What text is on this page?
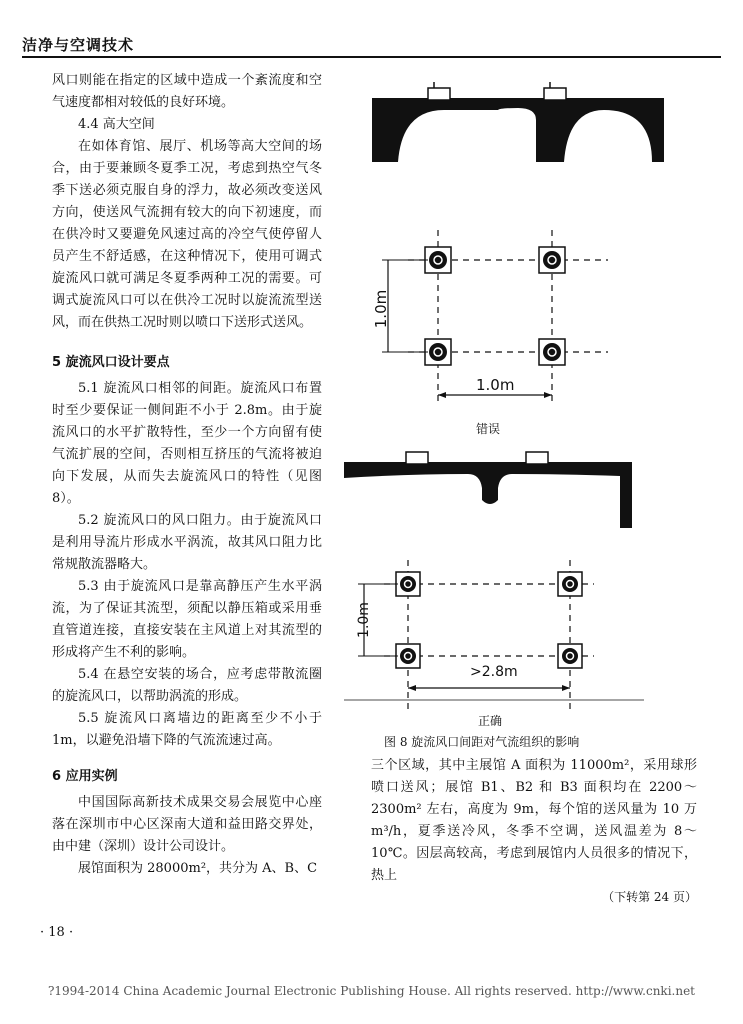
洁净与空调技术

风口则能在指定的区域中造成一个紊流度和空气速度都相对较低的良好环境。

4.4 高大空间

在如体育馆、展厅、机场等高大空间的场合，由于要兼顾冬夏季工况，考虑到热空气冬季下送必须克服自身的浮力，故必须改变送风方向，使送风气流拥有较大的向下初速度，而在供冷时又要避免风速过高的冷空气使停留人员产生不舒适感，在这种情况下，使用可调式旋流风口就可满足冬夏季两种工况的需要。可调式旋流风口可以在供冷工况时以旋流流型送风，而在供热工况时则以喷口下送形式送风。

5 旋流风口设计要点

5.1 旋流风口相邻的间距。旋流风口布置时至少要保证一侧间距不小于 2.8m。由于旋流风口的水平扩散特性，至少一个方向留有使气流扩展的空间，否则相互挤压的气流将被迫向下发展，从而失去旋流风口的特性（见图 8）。

5.2 旋流风口的风口阻力。由于旋流风口是利用导流片形成水平涡流，故其风口阻力比常规散流器略大。

5.3 由于旋流风口是靠高静压产生水平涡流，为了保证其流型，须配以静压箱或采用垂直管道连接，直接安装在主风道上对其流型的形成将产生不利的影响。

5.4 在悬空安装的场合，应考虑带散流圈的旋流风口，以帮助涡流的形成。

5.5 旋流风口离墙边的距离至少不小于 1m，以避免沿墙下降的气流流速过高。

6 应用实例

中国国际高新技术成果交易会展览中心座落在深圳市中心区深南大道和益田路交界处，由中建（深圳）设计公司设计。

展馆面积为 28000m²，共分为 A、B、C

1.0m
1.0m
错误
1.0m
>2.8m
正确
图 8 旋流风口间距对气流组织的影响

三个区域，其中主展馆 A 面积为 11000m²，采用球形喷口送风；展馆 B1、B2 和 B3 面积均在 2200～2300m² 左右，高度为 9m，每个馆的送风量为 10 万 m³/h，夏季送冷风，冬季不空调，送风温差为 8～10℃。因层高较高，考虑到展馆内人员很多的情况下，热上

（下转第 24 页）

· 18 ·
?1994-2014 China Academic Journal Electronic Publishing House. All rights reserved. http://www.cnki.net
